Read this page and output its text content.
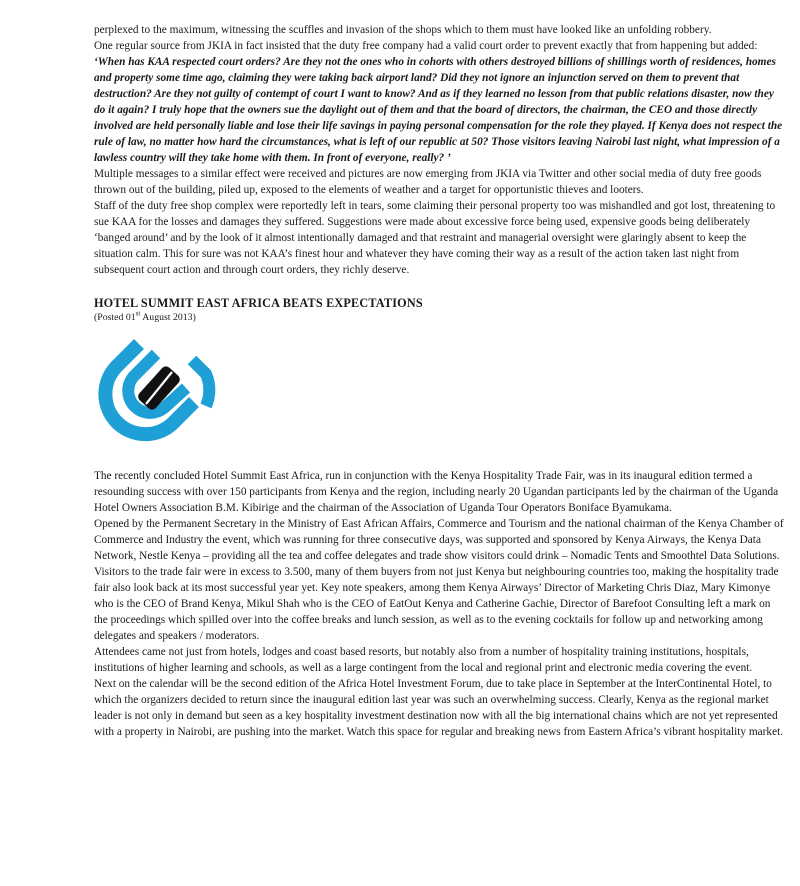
perplexed to the maximum, witnessing the scuffles and invasion of the shops which to them must have looked like an unfolding robbery.

One regular source from JKIA in fact insisted that the duty free company had a valid court order to prevent exactly that from happening but added: ‘When has KAA respected court orders? Are they not the ones who in cohorts with others destroyed billions of shillings worth of residences, homes and property some time ago, claiming they were taking back airport land? Did they not ignore an injunction served on them to prevent that destruction? Are they not guilty of contempt of court I want to know? And as if they learned no lesson from that public relations disaster, now they do it again? I truly hope that the owners sue the daylight out of them and that the board of directors, the chairman, the CEO and those directly involved are held personally liable and lose their life savings in paying personal compensation for the role they played. If Kenya does not respect the rule of law, no matter how hard the circumstances, what is left of our republic at 50? Those visitors leaving Nairobi last night, what impression of a lawless country will they take home with them. In front of everyone, really? ’

Multiple messages to a similar effect were received and pictures are now emerging from JKIA via Twitter and other social media of duty free goods thrown out of the building, piled up, exposed to the elements of weather and a target for opportunistic thieves and looters.

Staff of the duty free shop complex were reportedly left in tears, some claiming their personal property too was mishandled and got lost, threatening to sue KAA for the losses and damages they suffered. Suggestions were made about excessive force being used, expensive goods being deliberately ‘banged around’ and by the look of it almost intentionally damaged and that restraint and managerial oversight were glaringly absent to keep the situation calm. This for sure was not KAA’s finest hour and whatever they have coming their way as a result of the action taken last night from subsequent court action and through court orders, they richly deserve.

HOTEL SUMMIT EAST AFRICA BEATS EXPECTATIONS

(Posted 01st August 2013)

The recently concluded Hotel Summit East Africa, run in conjunction with the Kenya Hospitality Trade Fair, was in its inaugural edition termed a resounding success with over 150 participants from Kenya and the region, including nearly 20 Ugandan participants led by the chairman of the Uganda Hotel Owners Association B.M. Kibirige and the chairman of the Association of Uganda Tour Operators Boniface Byamukama.

Opened by the Permanent Secretary in the Ministry of East African Affairs, Commerce and Tourism and the national chairman of the Kenya Chamber of Commerce and Industry the event, which was running for three consecutive days, was supported and sponsored by Kenya Airways, the Kenya Data Network, Nestle Kenya – providing all the tea and coffee delegates and trade show visitors could drink – Nomadic Tents and Smoothtel Data Solutions. Visitors to the trade fair were in excess to 3.500, many of them buyers from not just Kenya but neighbouring countries too, making the hospitality trade fair also look back at its most successful year yet. Key note speakers, among them Kenya Airways’ Director of Marketing Chris Diaz, Mary Kimonye who is the CEO of Brand Kenya, Mikul Shah who is the CEO of EatOut Kenya and Catherine Gachie, Director of Barefoot Consulting left a mark on the proceedings which spilled over into the coffee breaks and lunch session, as well as to the evening cocktails for follow up and networking among delegates and speakers / moderators.

Attendees came not just from hotels, lodges and coast based resorts, but notably also from a number of hospitality training institutions, hospitals, institutions of higher learning and schools, as well as a large contingent from the local and regional print and electronic media covering the event.

Next on the calendar will be the second edition of the Africa Hotel Investment Forum, due to take place in September at the InterContinental Hotel, to which the organizers decided to return since the inaugural edition last year was such an overwhelming success. Clearly, Kenya as the regional market leader is not only in demand but seen as a key hospitality investment destination now with all the big international chains which are not yet represented with a property in Nairobi, are pushing into the market. Watch this space for regular and breaking news from Eastern Africa’s vibrant hospitality market.
